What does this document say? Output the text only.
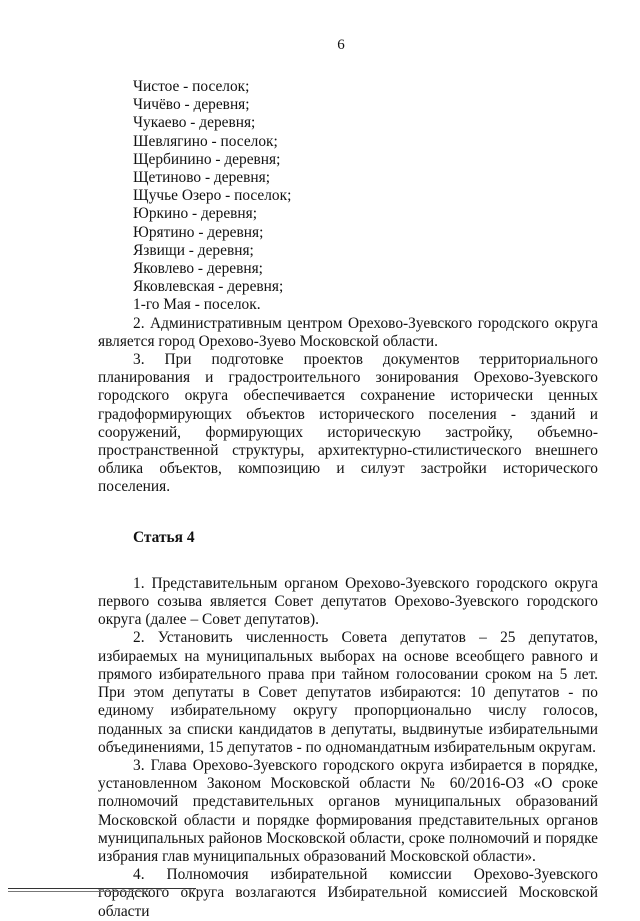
6
Чистое - поселок;
Чичёво - деревня;
Чукаево - деревня;
Шевлягино - поселок;
Щербинино - деревня;
Щетиново - деревня;
Щучье Озеро - поселок;
Юркино - деревня;
Юрятино - деревня;
Язвищи - деревня;
Яковлево - деревня;
Яковлевская - деревня;
1-го Мая - поселок.

2. Административным центром Орехово-Зуевского городского округа является город Орехово-Зуево Московской области.

3. При подготовке проектов документов территориального планирования и градостроительного зонирования Орехово-Зуевского городского округа обеспечивается сохранение исторически ценных градоформирующих объектов исторического поселения - зданий и сооружений, формирующих историческую застройку, объемно-пространственной структуры, архитектурно-стилистического внешнего облика объектов, композицию и силуэт застройки исторического поселения.

Статья 4

1. Представительным органом Орехово-Зуевского городского округа первого созыва является Совет депутатов Орехово-Зуевского городского округа (далее – Совет депутатов).

2. Установить численность Совета депутатов – 25 депутатов, избираемых на муниципальных выборах на основе всеобщего равного и прямого избирательного права при тайном голосовании сроком на 5 лет. При этом депутаты в Совет депутатов избираются: 10 депутатов - по единому избирательному округу пропорционально числу голосов, поданных за списки кандидатов в депутаты, выдвинутые избирательными объединениями, 15 депутатов - по одномандатным избирательным округам.

3. Глава Орехово-Зуевского городского округа избирается в порядке, установленном Законом Московской области № 60/2016-ОЗ «О сроке полномочий представительных органов муниципальных образований Московской области и порядке формирования представительных органов муниципальных районов Московской области, сроке полномочий и порядке избрания глав муниципальных образований Московской области».

4. Полномочия избирательной комиссии Орехово-Зуевского городского округа возлагаются Избирательной комиссией Московской области
